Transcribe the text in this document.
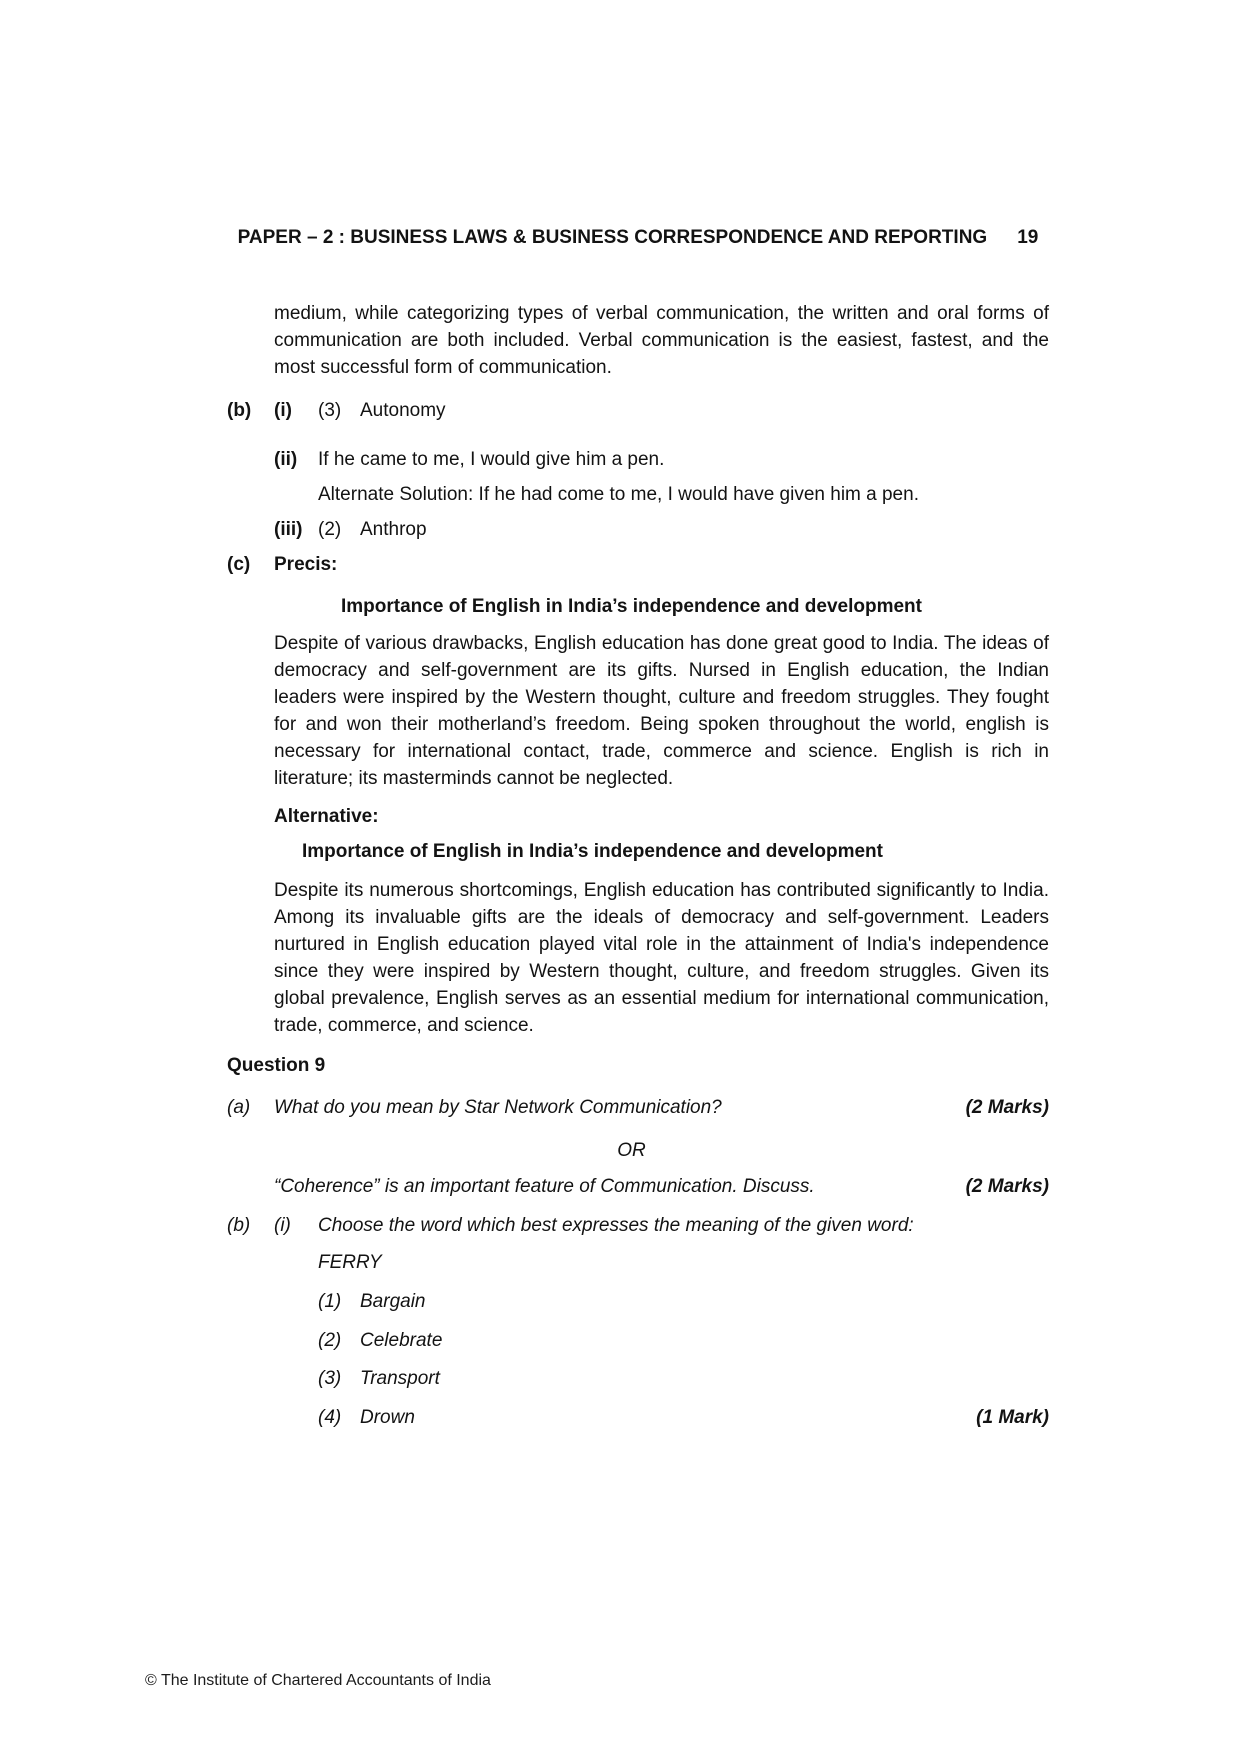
PAPER – 2 : BUSINESS LAWS & BUSINESS CORRESPONDENCE AND REPORTING 19
medium, while categorizing types of verbal communication, the written and oral forms of communication are both included. Verbal communication is the easiest, fastest, and the most successful form of communication.
(b) (i) (3) Autonomy
(ii) If he came to me, I would give him a pen.
Alternate Solution: If he had come to me, I would have given him a pen.
(iii) (2) Anthrop
(c) Precis:
Importance of English in India’s independence and development
Despite of various drawbacks, English education has done great good to India. The ideas of democracy and self-government are its gifts. Nursed in English education, the Indian leaders were inspired by the Western thought, culture and freedom struggles. They fought for and won their motherland’s freedom. Being spoken throughout the world, english is necessary for international contact, trade, commerce and science. English is rich in literature; its masterminds cannot be neglected.
Alternative:
Importance of English in India’s independence and development
Despite its numerous shortcomings, English education has contributed significantly to India. Among its invaluable gifts are the ideals of democracy and self-government. Leaders nurtured in English education played vital role in the attainment of India's independence since they were inspired by Western thought, culture, and freedom struggles. Given its global prevalence, English serves as an essential medium for international communication, trade, commerce, and science.
Question 9
(a) What do you mean by Star Network Communication?	(2 Marks)
OR
“Coherence” is an important feature of Communication. Discuss.	(2 Marks)
(b) (i) Choose the word which best expresses the meaning of the given word:
FERRY
(1) Bargain
(2) Celebrate
(3) Transport
(4) Drown	(1 Mark)
© The Institute of Chartered Accountants of India
